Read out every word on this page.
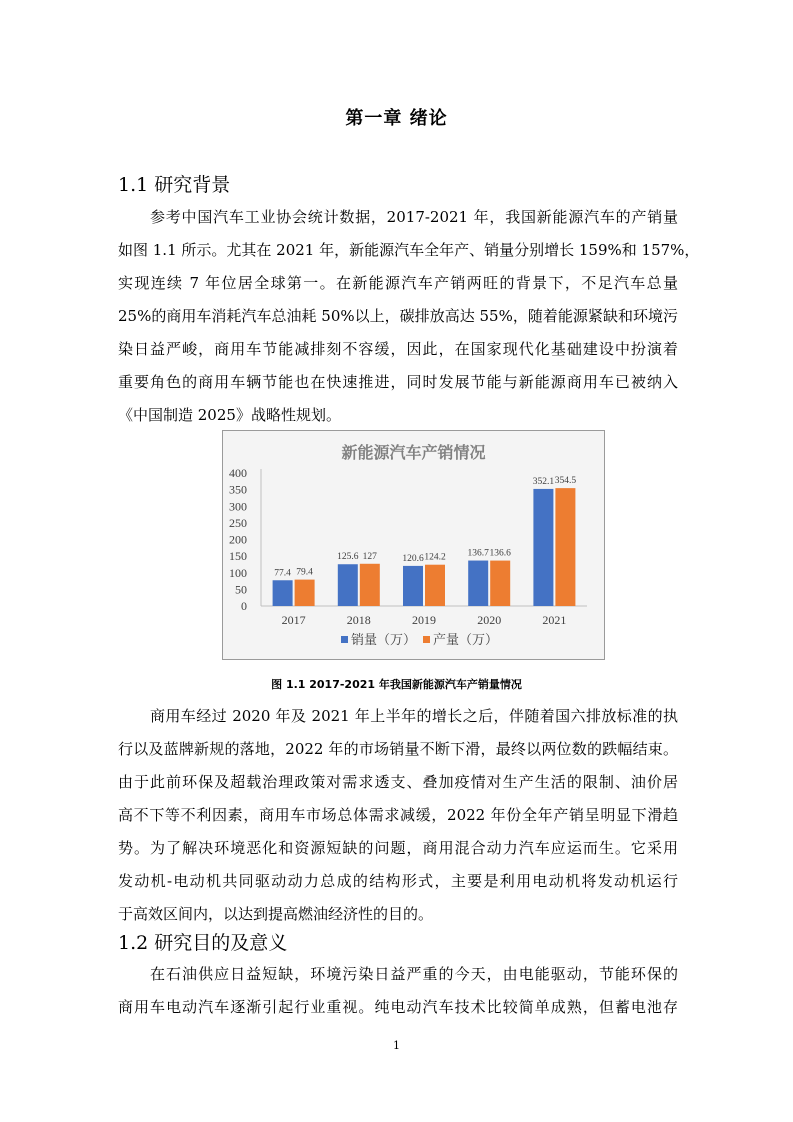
第一章 绪论
1.1 研究背景
参考中国汽车工业协会统计数据，2017-2021 年，我国新能源汽车的产销量
如图 1.1 所示。尤其在 2021 年，新能源汽车全年产、销量分别增长 159%和 157%，
实现连续 7 年位居全球第一。在新能源汽车产销两旺的背景下，不足汽车总量
25%的商用车消耗汽车总油耗 50%以上，碳排放高达 55%，随着能源紧缺和环境污
染日益严峻，商用车节能减排刻不容缓，因此，在国家现代化基础建设中扮演着
重要角色的商用车辆节能也在快速推进，同时发展节能与新能源商用车已被纳入
《中国制造 2025》战略性规划。
新能源汽车产销情况
0
50
100
150
200
250
300
350
400
2017
77.4 79.4
2018
125.6 127
2019
120.6 124.2
2020
136.7 136.6
2021
352.1 354.5
销量（万） 产量（万）
图 1.1 2017-2021 年我国新能源汽车产销量情况
商用车经过 2020 年及 2021 年上半年的增长之后，伴随着国六排放标准的执
行以及蓝牌新规的落地，2022 年的市场销量不断下滑，最终以两位数的跌幅结束。
由于此前环保及超载治理政策对需求透支、叠加疫情对生产生活的限制、油价居
高不下等不利因素，商用车市场总体需求减缓，2022 年份全年产销呈明显下滑趋
势。为了解决环境恶化和资源短缺的问题，商用混合动力汽车应运而生。它采用
发动机-电动机共同驱动动力总成的结构形式，主要是利用电动机将发动机运行
于高效区间内，以达到提高燃油经济性的目的。
1.2 研究目的及意义
在石油供应日益短缺，环境污染日益严重的今天，由电能驱动，节能环保的
商用车电动汽车逐渐引起行业重视。纯电动汽车技术比较简单成熟，但蓄电池存
1
